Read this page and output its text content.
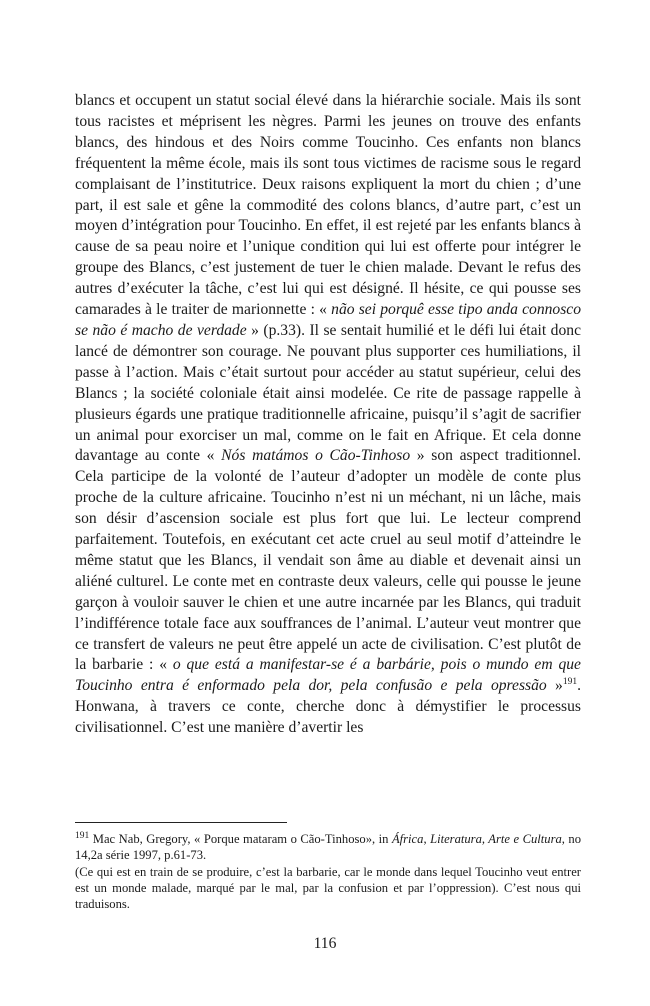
blancs et occupent un statut social élevé dans la hiérarchie sociale. Mais ils sont tous racistes et méprisent les nègres. Parmi les jeunes on trouve des enfants blancs, des hindous et des Noirs comme Toucinho. Ces enfants non blancs fréquentent la même école, mais ils sont tous victimes de racisme sous le regard complaisant de l’institutrice. Deux raisons expliquent la mort du chien ; d’une part, il est sale et gêne la commodité des colons blancs, d’autre part, c’est un moyen d’intégration pour Toucinho. En effet, il est rejeté par les enfants blancs à cause de sa peau noire et l’unique condition qui lui est offerte pour intégrer le groupe des Blancs, c’est justement de tuer le chien malade. Devant le refus des autres d’exécuter la tâche, c’est lui qui est désigné. Il hésite, ce qui pousse ses camarades à le traiter de marionnette : « não sei porquê esse tipo anda connosco se não é macho de verdade » (p.33). Il se sentait humilié et le défi lui était donc lancé de démontrer son courage. Ne pouvant plus supporter ces humiliations, il passe à l’action. Mais c’était surtout pour accéder au statut supérieur, celui des Blancs ; la société coloniale était ainsi modelée. Ce rite de passage rappelle à plusieurs égards une pratique traditionnelle africaine, puisqu’il s’agit de sacrifier un animal pour exorciser un mal, comme on le fait en Afrique. Et cela donne davantage au conte « Nós matámos o Cão-Tinhoso » son aspect traditionnel. Cela participe de la volonté de l’auteur d’adopter un modèle de conte plus proche de la culture africaine. Toucinho n’est ni un méchant, ni un lâche, mais son désir d’ascension sociale est plus fort que lui. Le lecteur comprend parfaitement. Toutefois, en exécutant cet acte cruel au seul motif d’atteindre le même statut que les Blancs, il vendait son âme au diable et devenait ainsi un aliéné culturel. Le conte met en contraste deux valeurs, celle qui pousse le jeune garçon à vouloir sauver le chien et une autre incarnée par les Blancs, qui traduit l’indifférence totale face aux souffrances de l’animal. L’auteur veut montrer que ce transfert de valeurs ne peut être appelé un acte de civilisation. C’est plutôt de la barbarie : « o que está a manifestar-se é a barbárie, pois o mundo em que Toucinho entra é enformado pela dor, pela confusão e pela opressão »$^{191}$. Honwana, à travers ce conte, cherche donc à démystifier le processus civilisationnel. C’est une manière d’avertir les

$^{191}$ Mac Nab, Gregory, « Porque mataram o Cão-Tinhoso», in África, Literatura, Arte e Cultura, no 14,2a série 1997, p.61-73.

(Ce qui est en train de se produire, c’est la barbarie, car le monde dans lequel Toucinho veut entrer est un monde malade, marqué par le mal, par la confusion et par l’oppression). C’est nous qui traduisons.

116
